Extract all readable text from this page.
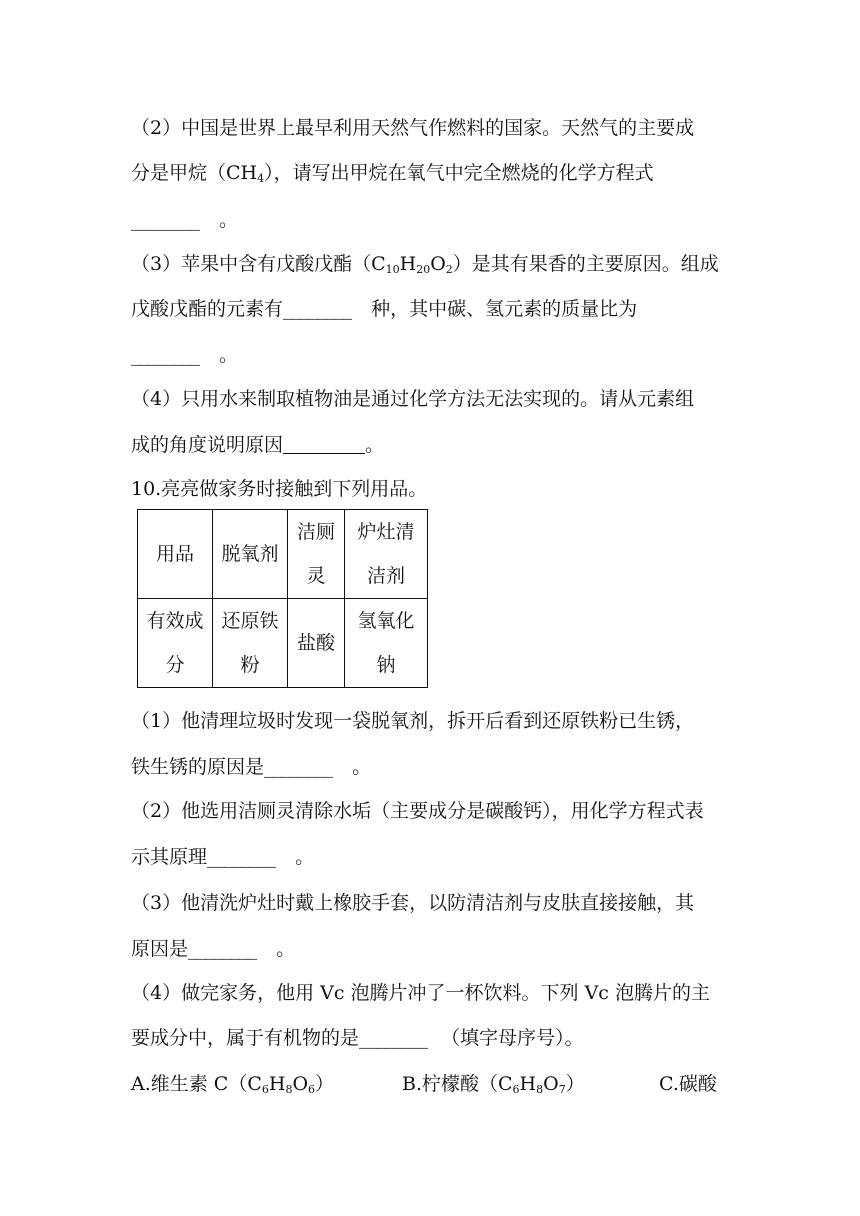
（2）中国是世界上最早利用天然气作燃料的国家。天然气的主要成
分是甲烷$(CH_4)$，请写出甲烷在氧气中完全燃烧的化学方程式
________ 。
（3）苹果中含有戊酸戊酯$(C_{10}H_{20}O_2)$是其有果香的主要原因。组成
戊酸戊酯的元素有________ 种，其中碳、氢元素的质量比为
________ 。
（4）只用水来制取植物油是通过化学方法无法实现的。请从元素组
成的角度说明原因	。
10.亮亮做家务时接触到下列用品。
用品	脱氧剂	洁厕灵	炉灶清洁剂

有效成分	还原铁粉	盐酸	氢氧化钠
（1）他清理垃圾时发现一袋脱氧剂，拆开后看到还原铁粉已生锈，
铁生锈的原因是________ 。
（2）他选用洁厕灵清除水垢（主要成分是碳酸钙），用化学方程式表
示其原理________ 。
（3）他清洗炉灶时戴上橡胶手套，以防清洁剂与皮肤直接接触，其
原因是________ 。
（4）做完家务，他用 Vc 泡腾片冲了一杯饮料。下列 Vc 泡腾片的主
要成分中，属于有机物的是________ （填字母序号）。
A.维生素 $C(C_6H_8O_6)$	B.柠檬酸$(C_6H_8O_7)$	C.碳酸
